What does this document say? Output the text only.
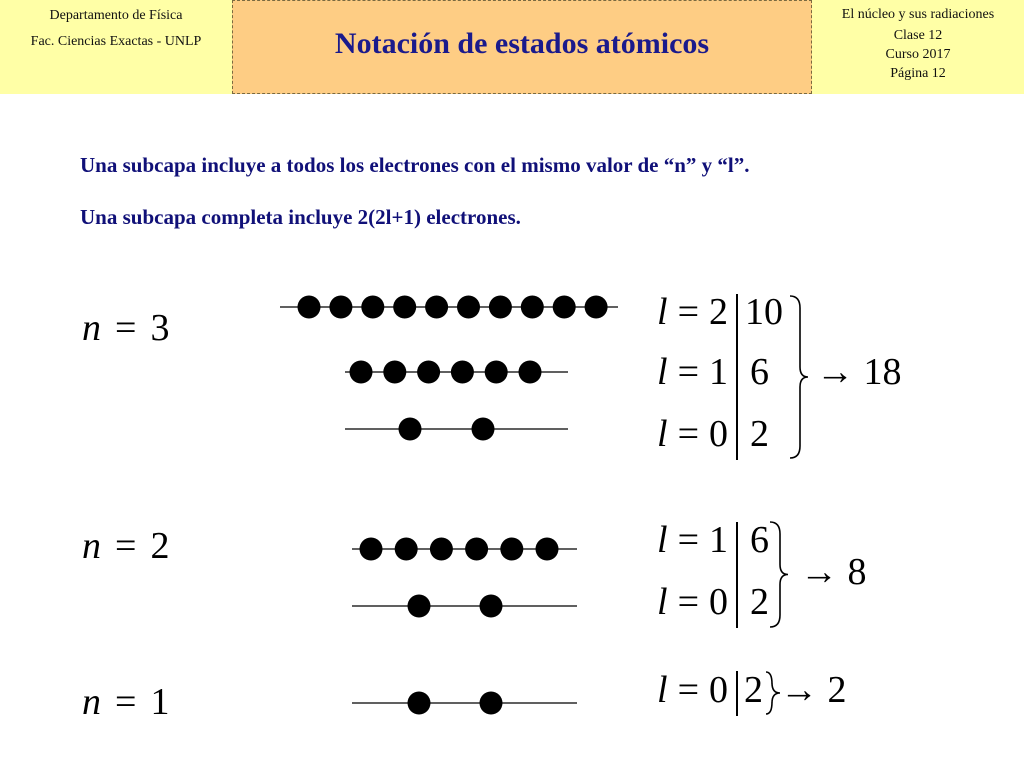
Departamento de Física
Fac. Ciencias Exactas - UNLP	Notación de estados atómicos
El núcleo y sus radiaciones
Clase 12
Curso 2017
Página 12
Una subcapa incluye a todos los electrones con el mismo valor de “n” y “l”.
Una subcapa completa incluye 2(2l+1) electrones.
n = 3
n = 2
n = 1
l = 2 10
l = 1 6
l = 0 2
→ 18
l = 1 6
l = 0 2
→ 8
l = 0 2 → 2
